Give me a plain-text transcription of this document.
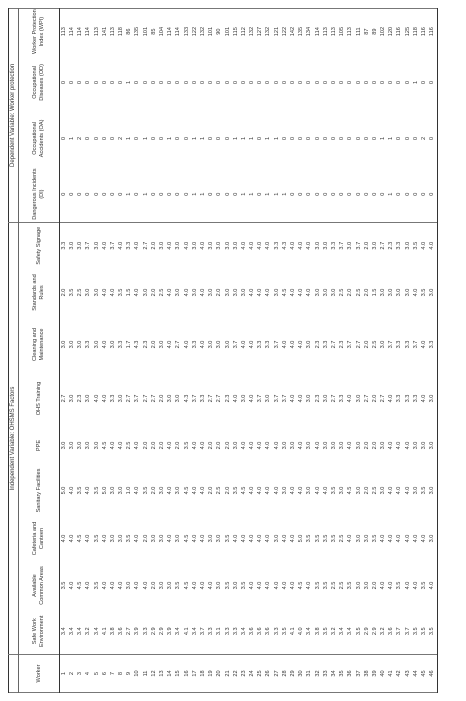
	Independent Variable: OHSMS Factors									Dependent Variable: Worker protection			
Worker	Safe Work Environment	Available Common Areas	Cafeteria and Canteen	Sanitary Facilities	PPE	OHS Training	Cleaning and Maintenance	Standards and Rules	Safety Signage	Dangerous Incidents (DI)	Occupational Accidents (OA)	Occupational Diseases (OD)	Worker Protection Index (WPI)
1	3.4	3.5	4.0	5.0	3.0	2.7	3.0	2.0	3.3	0	0	0	113
2	3.4	4.0	4.0	4.0	3.0	3.0	3.0	3.5	3.0	0	1	0	114
3	3.4	4.5	4.5	3.5	3.0	2.3	3.0	2.5	3.0	0	2	0	114
4	3.2	4.0	4.0	4.0	3.0	3.0	3.3	3.0	3.7	0	0	0	114
5	3.4	3.5	3.5	3.5	3.0	4.0	3.0	3.0	3.0	0	0	0	113
6	4.1	4.0	4.0	5.0	4.5	4.0	4.0	4.0	4.0	0	0	0	141
7	3.8	4.0	3.0	3.0	4.0	3.3	3.0	4.0	3.7	0	0	0	113
8	3.6	4.0	3.0	3.0	4.0	3.0	3.3	3.5	4.0	0	2	0	118
9	2.7	3.0	3.5	1.0	2.5	2.7	1.7	1.5	3.3	1	1	1	86
10	3.9	4.0	4.0	4.0	4.0	3.7	4.3	4.0	4.0	0	0	0	135
11	3.3	4.0	2.0	3.5	2.0	2.7	2.3	3.0	2.7	1	1	0	101
12	2.9	2.0	3.0	2.0	2.0	2.7	2.0	2.0	2.0	0	0	0	85
13	2.9	3.0	3.0	3.0	2.0	2.0	3.0	2.5	3.0	0	0	0	104
14	3.9	3.0	4.0	4.0	4.0	3.0	4.0	4.0	4.0	0	1	0	114
15	3.4	3.5	3.0	3.0	2.0	3.0	2.7	3.0	3.0	0	0	0	114
16	4.1	4.5	4.5	4.5	3.5	4.3	4.0	4.0	4.0	0	0	0	133
17	3.4	4.0	4.0	4.0	4.0	3.7	3.3	3.0	3.0	1	1	0	122
18	3.7	4.0	4.0	4.0	4.0	3.3	4.0	4.0	4.0	1	1	0	132
19	3.3	4.0	3.0	2.0	2.0	2.7	3.0	3.0	3.0	0	0	0	101
20	3.1	3.0	3.0	2.5	2.0	2.7	3.0	2.0	3.0	0	0	0	90
21	3.3	3.5	3.5	2.0	2.0	2.3	3.0	3.0	3.0	0	0	0	101
22	3.3	3.0	4.0	3.5	3.0	4.0	3.7	3.0	3.0	0	1	0	115
23	3.4	3.5	4.0	4.5	4.0	3.0	4.0	3.0	4.0	1	1	0	112
24	3.6	4.0	4.0	4.0	4.0	4.0	4.0	4.0	4.0	1	1	0	132
25	3.6	4.0	4.0	4.0	4.0	3.7	3.3	4.0	4.0	0	0	0	127
26	3.6	4.0	4.0	4.0	4.0	3.0	3.3	4.0	4.0	1	1	0	132
27	3.3	4.0	3.0	4.0	4.0	3.7	3.7	3.0	3.3	1	1	0	121
28	3.5	4.0	4.0	3.0	3.0	3.7	4.0	4.5	4.3	1	0	0	122
29	4.1	4.0	4.0	4.0	3.0	4.0	4.0	4.0	4.0	0	0	0	142
30	4.0	4.5	5.0	4.0	4.0	4.0	4.0	4.0	4.0	0	0	0	135
31	3.4	4.0	3.5	3.0	3.0	3.0	3.0	4.0	4.0	0	0	0	134
32	3.8	3.5	3.5	4.0	4.0	2.3	2.3	3.0	3.0	0	0	0	114
33	3.5	3.5	3.5	4.0	3.0	3.0	3.3	3.0	3.0	0	0	0	113
34	3.2	2.5	3.5	3.5	3.0	2.7	2.7	3.0	3.3	0	0	0	113
35	3.4	2.5	2.5	3.0	3.0	3.3	2.3	2.5	3.7	0	0	0	105
36	3.4	3.5	4.0	4.5	4.0	4.0	3.7	2.0	3.0	0	0	0	113
37	3.5	3.0	3.0	3.0	3.0	3.0	2.7	2.5	3.7	0	0	0	111
38	2.9	3.0	3.0	2.0	2.0	2.7	2.0	2.0	2.0	0	0	0	87
39	2.9	2.0	3.5	2.5	2.0	2.0	2.5	1.5	3.0	0	0	0	89
40	3.2	4.0	4.0	3.0	3.0	2.7	3.0	3.0	2.7	0	1	0	102
41	3.6	4.0	4.0	4.0	4.0	4.0	3.7	3.0	2.3	1	1	0	120
42	3.7	3.5	4.0	4.0	4.0	3.3	3.3	3.0	3.3	0	0	0	116
43	3.7	4.0	4.0	4.0	4.0	3.3	3.3	3.0	3.0	0	0	0	125
44	3.5	4.0	4.0	3.0	3.0	3.3	3.7	4.0	3.5	0	0	1	118
45	3.5	3.5	4.0	3.5	3.0	4.0	4.0	3.5	4.0	0	2	0	116
46	3.5	4.0	3.0	3.0	3.0	3.0	3.3	3.0	4.0	0	0	0	116
